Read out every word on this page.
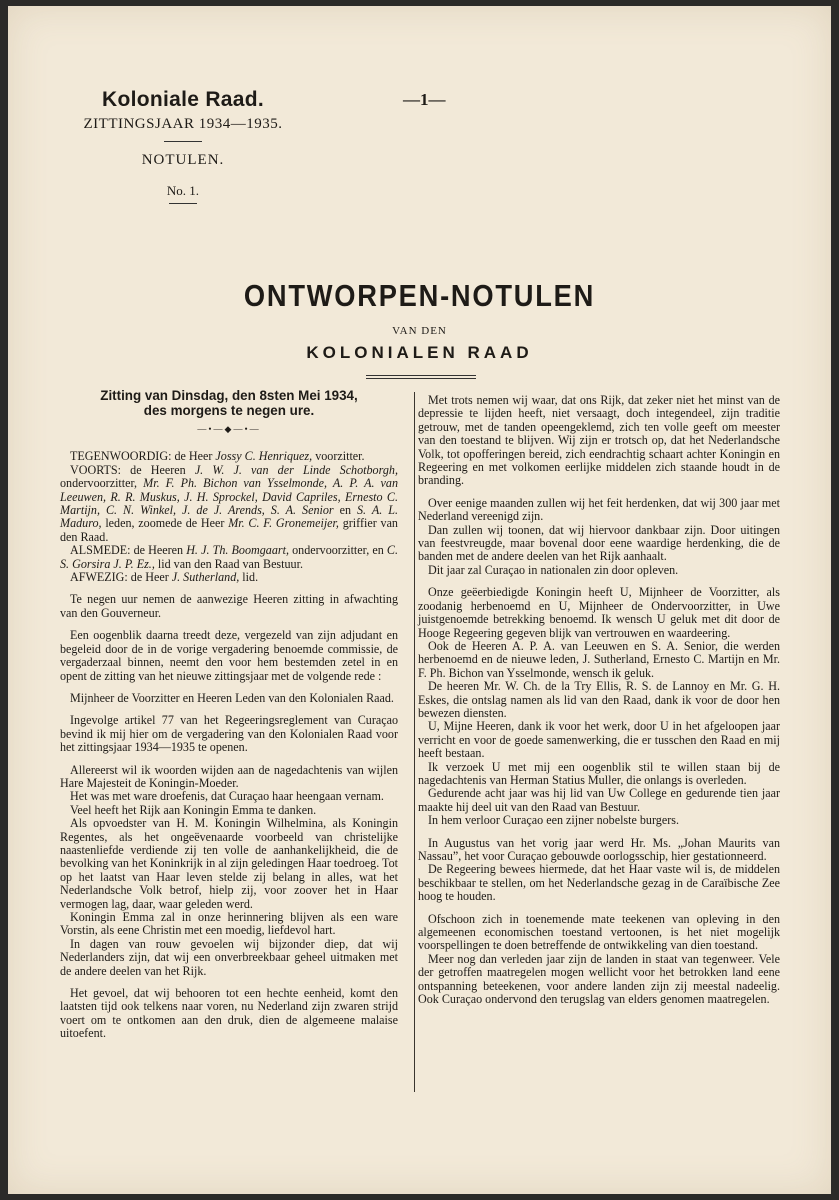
Koloniale Raad.
ZITTINGSJAAR 1934—1935.
NOTULEN.
No. 1.
—1—
ONTWORPEN-NOTULEN
VAN DEN
KOLONIALEN RAAD
Zitting van Dinsdag, den 8sten Mei 1934,
des morgens te negen ure.
—•—◆—•—

TEGENWOORDIG: de Heer Jossy C. Henriquez, voorzitter.

VOORTS: de Heeren J. W. J. van der Linde Schotborgh, ondervoorzitter, Mr. F. Ph. Bichon van Ysselmonde, A. P. A. van Leeuwen, R. R. Muskus, J. H. Sprockel, David Capriles, Ernesto C. Martijn, C. N. Winkel, J. de J. Arends, S. A. Senior en S. A. L. Maduro, leden, zoomede de Heer Mr. C. F. Gronemeijer, griffier van den Raad.

ALSMEDE: de Heeren H. J. Th. Boomgaart, ondervoorzitter, en C. S. Gorsira J. P. Ez., lid van den Raad van Bestuur.

AFWEZIG: de Heer J. Sutherland, lid.

Te negen uur nemen de aanwezige Heeren zitting in afwachting van den Gouverneur.

Een oogenblik daarna treedt deze, vergezeld van zijn adjudant en begeleid door de in de vorige vergadering benoemde commissie, de vergaderzaal binnen, neemt den voor hem bestemden zetel in en opent de zitting van het nieuwe zittingsjaar met de volgende rede :

Mijnheer de Voorzitter en Heeren Leden van den Kolonialen Raad.

Ingevolge artikel 77 van het Regeeringsreglement van Curaçao bevind ik mij hier om de vergadering van den Kolonialen Raad voor het zittingsjaar 1934—1935 te openen.

Allereerst wil ik woorden wijden aan de nagedachtenis van wijlen Hare Majesteit de Koningin-Moeder.

Het was met ware droefenis, dat Curaçao haar heengaan vernam.

Veel heeft het Rijk aan Koningin Emma te danken.

Als opvoedster van H. M. Koningin Wilhelmina, als Koningin Regentes, als het ongeëvenaarde voorbeeld van christelijke naastenliefde verdiende zij ten volle de aanhankelijkheid, die de bevolking van het Koninkrijk in al zijn geledingen Haar toedroeg. Tot op het laatst van Haar leven stelde zij belang in alles, wat het Nederlandsche Volk betrof, hielp zij, voor zoover het in Haar vermogen lag, daar, waar geleden werd.

Koningin Emma zal in onze herinnering blijven als een ware Vorstin, als eene Christin met een moedig, liefdevol hart.

In dagen van rouw gevoelen wij bijzonder diep, dat wij Nederlanders zijn, dat wij een onverbreekbaar geheel uitmaken met de andere deelen van het Rijk.

Het gevoel, dat wij behooren tot een hechte eenheid, komt den laatsten tijd ook telkens naar voren, nu Nederland zijn zwaren strijd voert om te ontkomen aan den druk, dien de algemeene malaise uitoefent.

Met trots nemen wij waar, dat ons Rijk, dat zeker niet het minst van de depressie te lijden heeft, niet versaagt, doch integendeel, zijn traditie getrouw, met de tanden opeengeklemd, zich ten volle geeft om meester van den toestand te blijven. Wij zijn er trotsch op, dat het Nederlandsche Volk, tot opofferingen bereid, zich eendrachtig schaart achter Koningin en Regeering en met volkomen eerlijke middelen zich staande houdt in de branding.

Over eenige maanden zullen wij het feit herdenken, dat wij 300 jaar met Nederland vereenigd zijn.

Dan zullen wij toonen, dat wij hiervoor dankbaar zijn. Door uitingen van feestvreugde, maar bovenal door eene waardige herdenking, die de banden met de andere deelen van het Rijk aanhaalt.

Dit jaar zal Curaçao in nationalen zin door opleven.

Onze geëerbiedigde Koningin heeft U, Mijnheer de Voorzitter, als zoodanig herbenoemd en U, Mijnheer de Ondervoorzitter, in Uwe juistgenoemde betrekking benoemd. Ik wensch U geluk met dit door de Hooge Regeering gegeven blijk van vertrouwen en waardeering.

Ook de Heeren A. P. A. van Leeuwen en S. A. Senior, die werden herbenoemd en de nieuwe leden, J. Sutherland, Ernesto C. Martijn en Mr. F. Ph. Bichon van Ysselmonde, wensch ik geluk.

De heeren Mr. W. Ch. de la Try Ellis, R. S. de Lannoy en Mr. G. H. Eskes, die ontslag namen als lid van den Raad, dank ik voor de door hen bewezen diensten.

U, Mijne Heeren, dank ik voor het werk, door U in het afgeloopen jaar verricht en voor de goede samenwerking, die er tusschen den Raad en mij heeft bestaan.

Ik verzoek U met mij een oogenblik stil te willen staan bij de nagedachtenis van Herman Statius Muller, die onlangs is overleden.

Gedurende acht jaar was hij lid van Uw College en gedurende tien jaar maakte hij deel uit van den Raad van Bestuur.

In hem verloor Curaçao een zijner nobelste burgers.

In Augustus van het vorig jaar werd Hr. Ms. „Johan Maurits van Nassau”, het voor Curaçao gebouwde oorlogsschip, hier gestationneerd.

De Regeering bewees hiermede, dat het Haar vaste wil is, de middelen beschikbaar te stellen, om het Nederlandsche gezag in de Caraïbische Zee hoog te houden.

Ofschoon zich in toenemende mate teekenen van opleving in den algemeenen economischen toestand vertoonen, is het niet mogelijk voorspellingen te doen betreffende de ontwikkeling van dien toestand.

Meer nog dan verleden jaar zijn de landen in staat van tegenweer. Vele der getroffen maatregelen mogen wellicht voor het betrokken land eene ontspanning beteekenen, voor andere landen zijn zij meestal nadeelig. Ook Curaçao ondervond den terugslag van elders genomen maatregelen.
